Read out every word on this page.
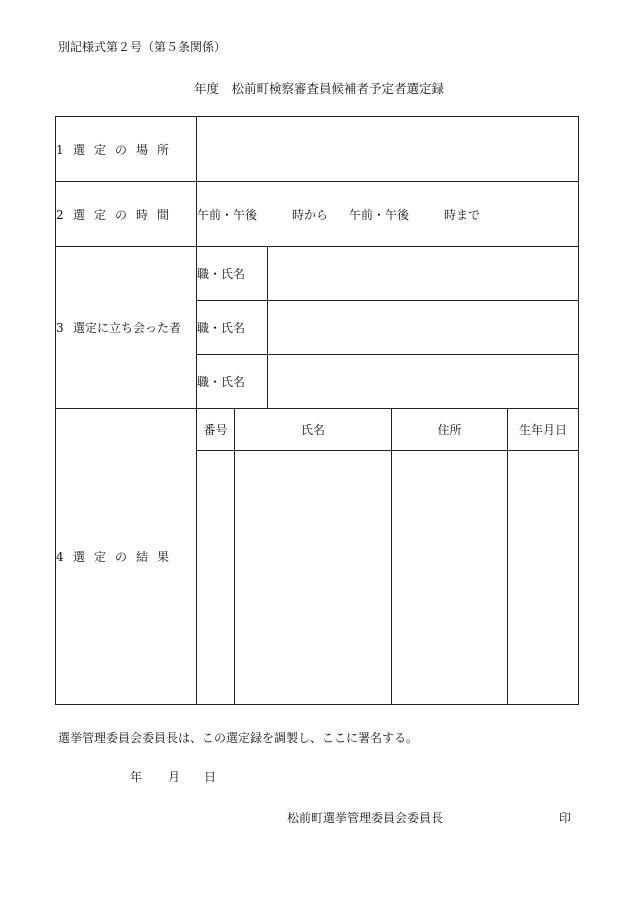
別記様式第２号（第５条関係）
年度　松前町検察審査員候補者予定者選定録
1 選 定 の 場 所					
2 選 定 の 時 間	午前・午後 時から 午前・午後 時まで				
3 選定に立ち会った者	職・氏名				
	職・氏名				
	職・氏名				
4 選 定 の 結 果	番号	氏名		住所	生年月日

選挙管理委員会委員長は、この選定録を調製し、ここに署名する。
年 月 日
松前町選挙管理委員会委員長	印
